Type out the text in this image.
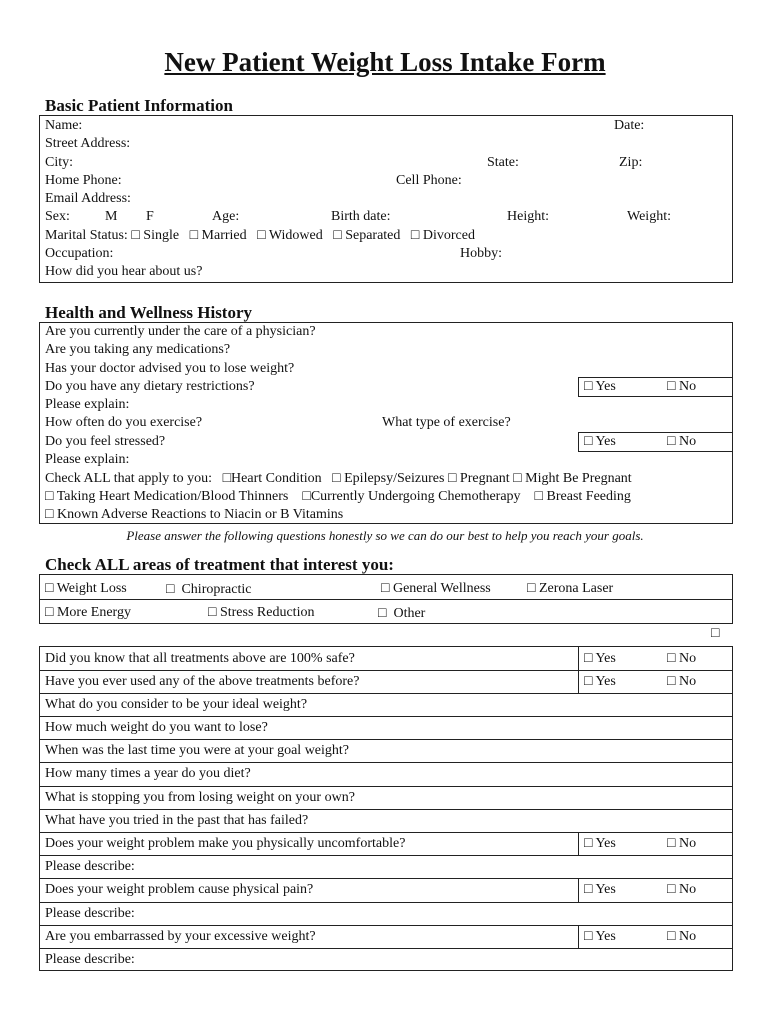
New Patient Weight Loss Intake Form
Basic Patient Information
Name:	Date:
Street Address:
City:	State:	Zip:
Home Phone:	Cell Phone:
Email Address:
Sex:	M F	Age:	Birth date:	Height:	Weight:
Marital Status: □ Single □ Married □ Widowed □ Separated □ Divorced
Occupation:	Hobby:
How did you hear about us?
Health and Wellness History
Are you currently under the care of a physician?
Are you taking any medications?
Has your doctor advised you to lose weight?
Do you have any dietary restrictions?	□ Yes	□ No
Please explain:
How often do you exercise?	What type of exercise?
Do you feel stressed?	□ Yes	□ No
Please explain:
Check ALL that apply to you: □Heart Condition □ Epilepsy/Seizures □ Pregnant □ Might Be Pregnant
□ Taking Heart Medication/Blood Thinners □Currently Undergoing Chemotherapy □ Breast Feeding
□ Known Adverse Reactions to Niacin or B Vitamins
Please answer the following questions honestly so we can do our best to help you reach your goals.
Check ALL areas of treatment that interest you:
□ Weight Loss	□ Chiropractic	□ General Wellness	□ Zerona Laser
□ More Energy	□ Stress Reduction	□ Other
□
Did you know that all treatments above are 100% safe?	□ Yes	□ No
Have you ever used any of the above treatments before?	□ Yes	□ No
What do you consider to be your ideal weight?
How much weight do you want to lose?
When was the last time you were at your goal weight?
How many times a year do you diet?
What is stopping you from losing weight on your own?
What have you tried in the past that has failed?
Does your weight problem make you physically uncomfortable?	□ Yes	□ No
Please describe:
Does your weight problem cause physical pain?	□ Yes	□ No
Please describe:
Are you embarrassed by your excessive weight?	□ Yes	□ No
Please describe:
